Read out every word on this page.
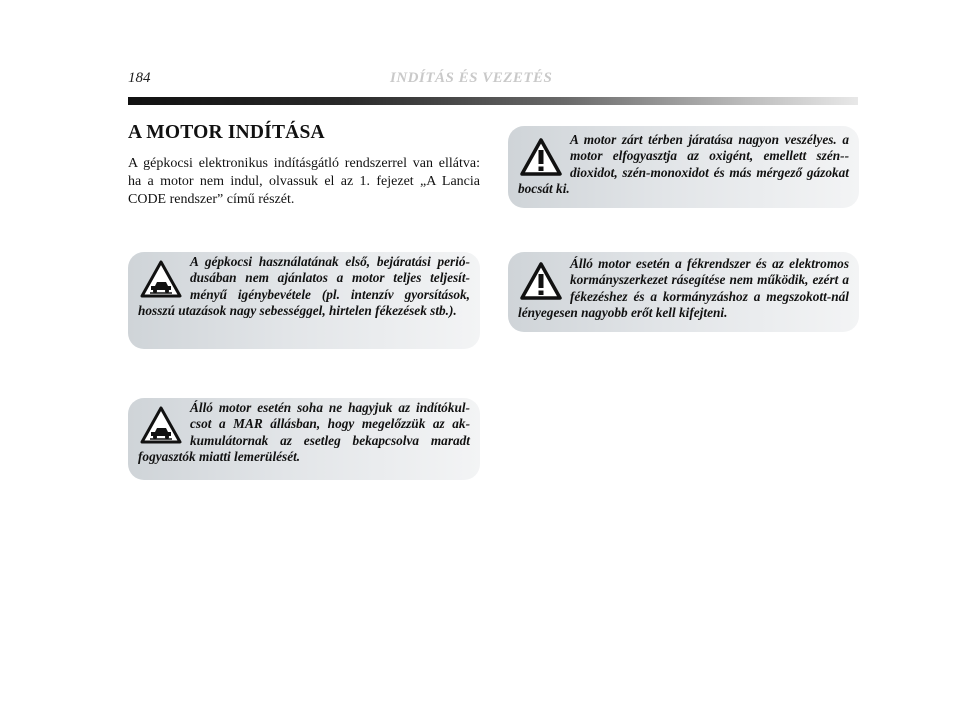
184	INDÍTÁS ÉS VEZETÉS
A MOTOR INDÍTÁSA

A gépkocsi elektronikus indításgátló rendszerrel van ellátva: ha a motor nem indul, olvassuk el az 1. fejezet „A Lancia CODE rendszer” című részét.

A gépkocsi használatának első, bejáratási perió-dusában nem ajánlatos a motor teljes teljesít-ményű igénybevétele (pl. intenzív gyorsítások, hosszú utazások nagy sebességgel, hirtelen fékezések stb.).

Álló motor esetén soha ne hagyjuk az indítókul-csot a MAR állásban, hogy megelőzzük az ak-kumulátornak az esetleg bekapcsolva maradt fogyasztók miatti lemerülését.

A motor zárt térben járatása nagyon veszélyes. a motor elfogyasztja az oxigént, emellett szén--dioxidot, szén-monoxidot és más mérgező gázokat bocsát ki.

Álló motor esetén a fékrendszer és az elektromos kormányszerkezet rásegítése nem működik, ezért a fékezéshez és a kormányzáshoz a megszokott-nál lényegesen nagyobb erőt kell kifejteni.
